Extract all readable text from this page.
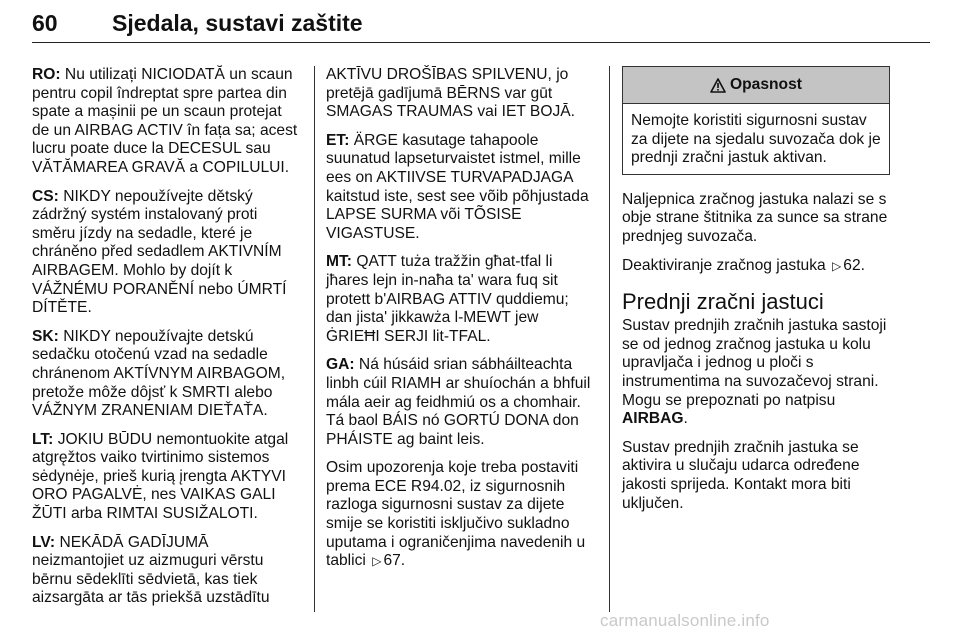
60 Sjedala, sustavi zaštite

RO: Nu utilizați NICIODATĂ un scaun pentru copil îndreptat spre partea din spate a mașinii pe un scaun protejat de un AIRBAG ACTIV în fața sa; acest lucru poate duce la DECESUL sau VĂTĂMAREA GRAVĂ a COPILULUI.

CS: NIKDY nepoužívejte dětský zádržný systém instalovaný proti směru jízdy na sedadle, které je chráněno před sedadlem AKTIVNÍM AIRBAGEM. Mohlo by dojít k VÁŽNÉMU PORANĚNÍ nebo ÚMRTÍ DÍTĚTE.

SK: NIKDY nepoužívajte detskú sedačku otočenú vzad na sedadle chránenom AKTÍVNYM AIRBAGOM, pretože môže dôjsť k SMRTI alebo VÁŽNYM ZRANENIAM DIEŤAŤA.

LT: JOKIU BŪDU nemontuokite atgal atgręžtos vaiko tvirtinimo sistemos sėdynėje, prieš kurią įrengta AKTYVI ORO PAGALVĖ, nes VAIKAS GALI ŽŪTI arba RIMTAI SUSIŽALOTI.

LV: NEKĀDĀ GADĪJUMĀ neizmantojiet uz aizmuguri vērstu bērnu sēdeklīti sēdvietā, kas tiek aizsargāta ar tās priekšā uzstādītu

AKTĪVU DROŠĪBAS SPILVENU, jo pretējā gadījumā BĒRNS var gūt SMAGAS TRAUMAS vai IET BOJĀ.

ET: ÄRGE kasutage tahapoole suunatud lapseturvaistet istmel, mille ees on AKTIIVSE TURVAPADJAGA kaitstud iste, sest see võib põhjustada LAPSE SURMA või TÕSISE VIGASTUSE.

MT: QATT tuża tražžin għat-tfal li jħares lejn in-naħa ta' wara fuq sit protett b'AIRBAG ATTIV quddiemu; dan jista' jikkawża l-MEWT jew ĠRIEĦI SERJI lit-TFAL.

GA: Ná húsáid srian sábháilteachta linbh cúil RIAMH ar shuíochán a bhfuil mála aeir ag feidhmiú os a chomhair. Tá baol BÁIS nó GORTÚ DONA don PHÁISTE ag baint leis.

Osim upozorenja koje treba postaviti prema ECE R94.02, iz sigurnosnih razloga sigurnosni sustav za dijete smije se koristiti isključivo sukladno uputama i ograničenjima navedenih u tablici ▷ 67.

Opasnost
Nemojte koristiti sigurnosni sustav za dijete na sjedalu suvozača dok je prednji zračni jastuk aktivan.

Naljepnica zračnog jastuka nalazi se s obje strane štitnika za sunce sa strane prednjeg suvozača.

Deaktiviranje zračnog jastuka ▷ 62.

Prednji zračni jastuci

Sustav prednjih zračnih jastuka sastoji se od jednog zračnog jastuka u kolu upravljača i jednog u ploči s instrumentima na suvozačevoj strani. Mogu se prepoznati po natpisu AIRBAG.

Sustav prednjih zračnih jastuka se aktivira u slučaju udarca određene jakosti sprijeda. Kontakt mora biti uključen.

carmanualsonline.info
